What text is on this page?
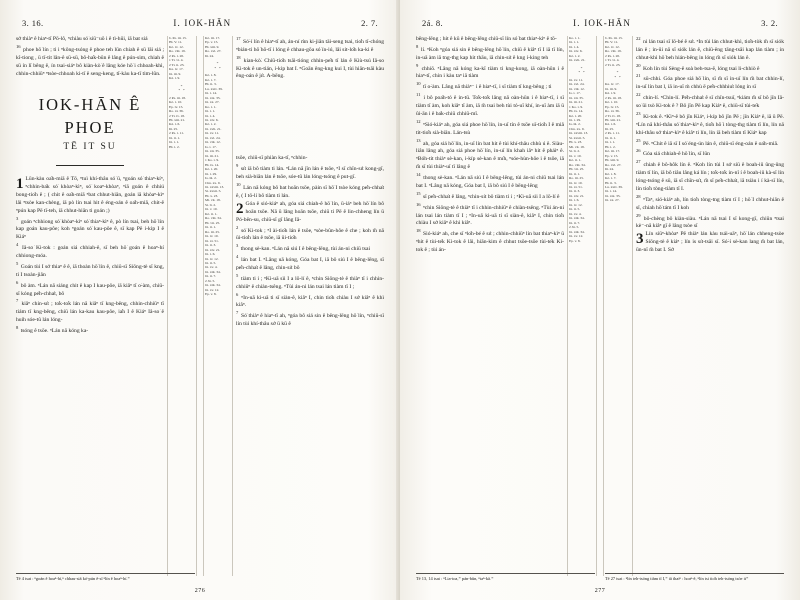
3. 16.	I. IOK-HĀN	2. 7.

sớ thiàⁿ ê hiaⁿ-tī Pō-lô, ⁿchiàu só͘ siū⁻uō i ê tì-hūi, iā bat siá

$^{16}$ phoe hō͘ lín ; ti i ⁿkông-tsóng ê phoe teh lūn chiah ê sū lāi siá ; kî-tiong , ū tī-tit lân-ê sū-sū, bô-ha̍k-būn ê lâng ê pún-sim, chiah ê sū ín lī bêng ê, ín tsai-siáⁿ bô kiàn-kò͘ ê lâng kóe hō͘ i chhoah-khì, chhin-chhiūⁿ ⁿtsòe-chhoah ki-tī ê seng-keng, tī-kàu ka-tī tim-lûn.

IOK-HĀN Ê PHOE
TĒ IT SU

1 Lūn-kàu oa̍h-miā ê Tō, ⁿtuì khí-thâu só͘ ū, ⁿgoán só͘ thiaⁿ-kíⁿ, ⁿchhin-ba̍k só͘ khòaⁿ-kìⁿ, só͘ koaⁿ-khòaⁿ, ⁿiā goán ê chhiú bong-tio̍h ê ; ( chit ê oa̍h-miā ⁿbat chhut-hiān, goán iā khòaⁿ-kìⁿ lâi ⁿtsòe kan-chèng, iā pò lín tsai hit ê éng-oán ê oa̍h-miā, chit-ê ⁿpún kap Pē tī-teh, iā chhut-hiān ti goán ;)

$^3$ goán ⁿchhiong só͘ khòaⁿ-kìⁿ só͘ thiaⁿ-kìⁿ ê, pò lín tsai, beh hō͘ lín kap goán kau-pôe; koh ⁿgoán só͘ kau-pôe ê, sī kap Pē i-kip I ê Kiáⁿ

$^4$ Iâ-so͘ Ki-tok : goán siá chhiah-ê, sī beh hō͘ goán ê hoaⁿ-hí chhiong-móa.

$^5$ Goán tùi I sớ thiaⁿ ê ê, iā thoàn hō͘ lín ê, chiū-sī Siōng-tè sī kng, ti I tsoàn-jiân

$^6$ bô àm. ⁿLán nā siáng chit ê kap I kau-pôe, iā kiâⁿ tī o͘-àm, chiū-sī kóng pe̍h-chha̍t, bô

$^7$ kiâⁿ chin-sı̍t ; to̍k-to̍k lán nā kiâⁿ tī kng-bêng, chhin-chhiūⁿ tī tiám tī kng-bêng, chiū lán ka-kau kau-pôe, ia̍h I ê Kiáⁿ Iâ-so͘ ê huih sóe-tû lán lóng-

$^8$ tsóng ê tsōe. ⁿLán nā kóng ka-

b. Pe. iii. 15.
Hi. V. 11.
Kó. iv. 12.
Ro. viii. 19.
2 Pe. i. 20.
1 Ti. vi. 4.
2 Ti. ii. 23.
Ka. iv. 17.
Jú. iii. 9.
Kà. i. 9.
*
* *
2 Pe. iii. 18.
Kó. i. 10.
Ep. iv. 15.
Ro. xi. 36.
2 Ti. iv. 18.
Hi. xiii. 21.
Kà. i. 6.
Iû. 25.
2 Pe. i. 11.
Jú. ii. 1.
Jú. i. 1.
Hi. i. 2.
Kò. iii. 17.
Ep. v. 15.
Hi. xiii. 9.
Ro. xvi. 27.
Iû. 24.
*
* *
Kò. i. 8.
Kò. i. 7.
Hi. ii. 3.
Lu. xxiv. 39.
Jú. i. 14.
Jú. xix. 35.
Jú. xx. 27.
Ko. i. 1.
Jú. i. 1.
Jú. i. 4.
Jú. xiv. 6.
Kò. i. 2.
Jú. xvii. 21.
Jú. xv. 11.
Jú. xvi. 24.
Jú. viii. 12.
Ia. i. 17.
Jú. xii. 35.
Jú. iii. 21.
1 Ko. i. 9.
Hi. ix. 14.
Kò. i. 20.
Jú. i. 29.
Ia. iii. 2.
Chn. xx. 9.
Jú. xxviii. 13.
Sí. xxxii. 5.
Hi. x. 23.
Mi. vii. 18.
Sí. li. 2.
Jú. v. 10.
Kò. ii. 1.
Ro. viii. 34.
Hi. vii. 25.
Jú. ii. 1.
Ro. iii. 25.
Jú. iv. 10.
Jú. xi. 51.
Jú. ii. 3.
Jú. xiv. 21.
Jú. i. 6.
Jú. iv. 12.
Jú. ii. 5.
Jú. xv. 4.
Jú. xiii. 34.
Jú. ii. 7.
2 Jú. 5.
Jú. xiii. 34.
Jú. xv. 12.
Ep. v. 8.

$^{17}$ Só͘-í lín ê hiaⁿ-tī ah, án-ní ḿn ki-jiân tāi-seng tsai, tio̍h tī-chóng ⁿbián-ti hō͘ hō-tī i lóng ê chhau-gōa só͘ ín-iú, lâi sit-lo̍h ka-ki ê

$^{18}$ kian-kò͘. Chiū-tio̍h tsāi-tióng chhin-pe̍h tī lán ê Kiù-tsú Iâ-so͘ Ki-tok ê un-tián, i-kip bat I. ⁿGoān êng-kng kui I, tùi hiān-tsāi kàu êng-oán ê jı̍t. A-bēng.

tsōe, chiū-sī phiàn ka-tī, ⁿchhin-

$^9$ sı̍t iā bô tiàm ti lán. ⁿLán nā jīn lán ê tsōe, ⁿI sī chīn-sı̍t kong-gī, beh sià-biān lán ê tsōe, sóe-tû lán lóng-tsóng ê put-gī.

$^{10}$ Lán nā kóng bô bat hoān tsōe, pàin sī hō͘ I tsòe kóng pe̍h-chha̍t ê, ( I tō-lí bô tiàm ti lán.

2 Góa ê sió-kiáⁿ ah, góa siá chiah-ê hō͘ lín, ū-iáⁿ beh hō͘ lín bô hoān tsōe. Nā ū lâng hoān tsōe, chiū ti Pē ê lin-chheng lín ū Pó-bēn-su, chiū-sī gī lâng Iâ-

$^2$ só͘ Ki-tok ; ⁿI ài-tio̍h lán ê tsōe, ⁿsòe-bûn-hôe ê che ; koh m̄ nā ūi-tio̍h lán ê tsōe, iā ūi-tio̍h

$^3$ thong sè-kan. ⁿLán nā siú I ê bēng-lēng, tùi án-ni chiū tsai

$^4$ lán bat I. ⁿLâng uā kóng, Góa bat I, iā bô siú I ê bēng-lēng, sī pe̍h-chha̍t ê lâng, chin-sı̍t bô

$^5$ tiàm ti i ; ⁿKì-uā sìi I a lō-lí ê, ⁿchin Siōng-tè ê thiàⁿ tī i chhin-chhiūⁿ ê chiàn-tsêng. ⁿTùi án-ni lán tsai lán tiàm tī I ;

$^6$ ⁿIn-uā kì-uā ti sī siàn-ê, kiâⁿ I, chin tio̍h chiàu I sớ kiâⁿ ê khì kiâⁿ.

$^7$ Só͘ thiàⁿ ê hiaⁿ-tī ah, ⁿgóa bô siá sin ê bēng-lēng hō͘ lín, ⁿchiū-sī lín tùi khí-thâu sớ ū kū ê

Tē 4 tsat : ⁿgoán ê hoaⁿ-hí,ⁿ chhau-siā kó͘-pún ê-sī ⁿlín ê hoaⁿ-hí.⁼
276
2á. 8.	I. IOK-HĀN	3. 2.

bēng-lēng ; hit ê kū ê bēng-lēng chiū-sī lín só͘ bat thiaⁿ-kìⁿ ê tō-

$^8$ lí. ⁿKoh ⁿgóa siá sin ê bēng-lēng hō͘ lín, chiū ê kiâⁿ tī I iā tī lín, in-uā àm iā tng-thg kap hit thāu, iā chin-sı̍t ê kng í-king teh

$^9$ chhiō. ⁿLâng nā kóng ka-kī tiàm ti kng-kong, iā oàn-hūn i ê hiaⁿ-tī, chin i kàu taⁿ iā tiàm

$^{10}$ tī o͘-àm. Lâng nā thiàⁿ⁻ i ê hiaⁿ-tī, i sī tiàm tī kng-bêng ; ti

$^{11}$ i bô poa̍h-tó ê in-tū. To̍k-to̍k lâng nā oàn-hūn i ê hiaⁿ-tī, i sī tiàm tī àm, koh kiâⁿ tī àm, iā m̄ tsai beh tùi tó-uī khí, in-uī àm iā ū ûi-ān i ê ba̍k-chiū chhiū-mî.

$^{12}$ ⁿSió-kiáⁿ ah, góa siá phoe hō͘ lín, in-uī tín ê tsōe uī-tio̍h I ê miâ tit-tio̍h sià-biān. Lán-tsù

$^{13}$ ah, góa siá hō͘ lín, in-uī lín bat hit ê tùi khí-thâu chhù ú ê. Siàu-liân lâng ah, góa siá phoe hō͘ lín, in-uī lín khah iâⁿ hit ê pháiⁿ ê. ⁿBóh-tit thiàⁿ sè-kan, i-kíp sè-kan ê mı̍h, ⁿsóe-hùn-hôe i ê tsôe, iā m̄ sī tùi thiàⁿ-uī tī lâng ê

$^{14}$ thong sè-kan. ⁿLán nā siú I ê bēng-lēng, tùi án-ni chiū tsai lán bat I. ⁿLâng nā kóng, Góa bat I, iā bô siú I ê bēng-lēng

$^{15}$ sī pe̍h-chha̍t ê lâng, ⁿchin-sı̍t bô tiàm ti i ; ⁿKì-uā sìi I a lō-lí ê

$^{16}$ ⁿchin Siōng-tè ê thiàⁿ tī i chhin-chhiūⁿ ê chiàn-tsêng. ⁿTùi án-ni lán tsai lán tiàm tī I ; ⁿIn-uā kì-uā ti sī siàn-ê, kiâⁿ I, chin tio̍h chiàu I sớ kiâⁿ ê khì kiâⁿ.

$^{18}$ Sió-kiáⁿ ah, che sī ⁿlo̍h-bé ê sı̍t ; chhin-chhiūⁿ lín bat thiaⁿ-kìⁿ ū ⁿhit ê tùi-te̍k Ki-tok ê lâi, hiān-kim ê chhut tsōe-tsōe tùi-te̍k Ki-tok ê ; tùi án-

Ko. i. 1.
Jú. i. 1.
Jú. i. 4.
Jú. xiv. 6.
Kò. i. 2.
Jú. xvii. 21.
*
* *
Jú. xv. 11.
Jú. xvi. 24.
Jú. viii. 12.
Ia. i. 17.
Jú. xii. 35.
Jú. iii. 21.
1 Ko. i. 9.
Hi. ix. 14.
Kò. i. 20.
Jú. i. 29.
Ia. iii. 2.
Chn. xx. 9.
Jú. xxviii. 13.
Sí. xxxii. 5.
Hi. x. 23.
Mi. vii. 18.
Sí. li. 2.
Jú. v. 10.
Kò. ii. 1.
Ro. viii. 34.
Hi. vii. 25.
Jú. ii. 1.
Ro. iii. 25.
Jú. iv. 10.
Jú. xi. 51.
Jú. ii. 3.
Jú. xiv. 21.
Jú. i. 6.
Jú. iv. 12.
Jú. ii. 5.
Jú. xv. 4.
Jú. xiii. 34.
Jú. ii. 7.
2 Jú. 5.
Jú. xiii. 34.
Jú. xv. 12.
Ep. v. 8.
b. Pe. iii. 15.
Hi. V. 11.
Kó. iv. 12.
Ro. viii. 19.
2 Pe. i. 20.
1 Ti. vi. 4.
2 Ti. ii. 23.
*
* *
Ka. iv. 17.
Jú. iii. 9.
Kà. i. 9.
2 Pe. iii. 18.
Kó. i. 10.
Ep. iv. 15.
Ro. xi. 36.
2 Ti. iv. 18.
Hi. xiii. 21.
Kà. i. 6.
Iû. 25.
2 Pe. i. 11.
Jú. ii. 1.
Jú. i. 1.
Hi. i. 2.
Kò. iii. 17.
Ep. v. 15.
Hi. xiii. 9.
Ro. xvi. 27.
Iû. 24.
Kò. i. 8.
Kò. i. 7.
Hi. ii. 3.
Lu. xxiv. 39.
Jú. i. 14.
Jú. xix. 35.
Jú. xx. 27.

$^{22}$ ni lán tsai sī lō-bé ê sı̍t. ⁿIn tùi lán chhut-khì, tio̍h-tòk m̄ sī siók lán ê ; in-ūi nā sī siók lán ê, chiū-ēng tāng-tsāi kap lán tiàm ; in chhut-khì hō͘ beh hián-bêng in lóng m̄ sī siók lán ê.

$^{20}$ Koh lín tùi Sèng-ê soà beh-tsa-ē, lóng tsai li-chhiò ê

$^{21}$ sū-chhi. Góa phoe siá hō͘ lín, sī m̄ sī in-uī lín m̄ bat chhin-lí, in-uī lín bat l, iā in-uī ḿ chhù ē pe̍h-chhhiu̍t lóng ín sī

$^{22}$ chin-lí. ⁿChin-lí. Pe̍h-chha̍t ê sī chīn-tsuī, ⁿkiám m̄ sī bô jīn Iâ-so͘ ūi tsò Ki-tok ê ? Bô jīn Pē kap Kiáⁿ ê, chiū-sī tùi-te̍k

$^{23}$ Ki-tok ê. ⁿKìⁿ-ê bô jīn Kiáⁿ, i-kíp bô jīn Pē ; jīn Kiáⁿ ê, iā ū Pē. ⁿLín nā khí-thâu só͘ thiaⁿ-kìⁿ ê, tio̍h hō͘ i tòng-thg tiàm tī lín, lín nā khí-thâu sớ thiaⁿ-kìⁿ ê kiâⁿ ti lín, lín iā beh tiàm tī Kiáⁿ kap

$^{25}$ Pē. ⁿChit ê iā sī I só͘ éng-ún lán ê, chiū-sī éng-oán ê oa̍h-miā.

$^{26}$ Góa siá chhiah-ê hō͘ lín, sī lūn

$^{27}$ chiah ê bô-hôk lín ê. ⁿKoh lín tùi I sớ siū ê boah-iû ûng-ûng tiàm tī lín, iā bô tiâu lâng ká lín ; to̍k-to̍k in-nî í ê boah-iû kà-sī lín lóng-tsóng ê sū, iā sī chīn-sı̍t, m̄ sī pe̍h-chha̍t, iā tsiàu i í kà-sī lín, lín tio̍h tòng-tiàm tī I.

$^{28}$ ⁿTaⁿ, sió-kiáⁿ ah, lín tio̍h tòng-tng tiàm tī I ; hō͘ I chhut-hiān ê sî, chiah hō͘ tám tī I koh

$^{29}$ bô-chèng bô kiàn-siàu. ⁿLán nā tsai I sī kong-gī, chiūn ⁿtsai kè⁻-nā kiâⁿ gī ê lâng tsòe sī

3 Lín siūⁿ-khòaⁿ Pē thiàⁿ lán kàu tsái-uāⁿ, hō͘ lán chheng-tsòe Siōng-tè ê kiáⁿ ; lín is sı̍t-tsāi sī. Só͘-í sè-kan lang m̄ bat lán, ūn-nī m̄ bat I. Sớ

Tē 13, 14 tsat : ⁿLia-toa,⁼ pán-bûn, ⁿtaⁿ-kā.⁼	Tē 27 tsat : ⁿlín teh-tsóng tiàm tī I,⁼ iā thaiⁿ : hoaⁿ-ê, ⁿlín tsi tio̍h teh-tsóng tsòe it⁼
277
